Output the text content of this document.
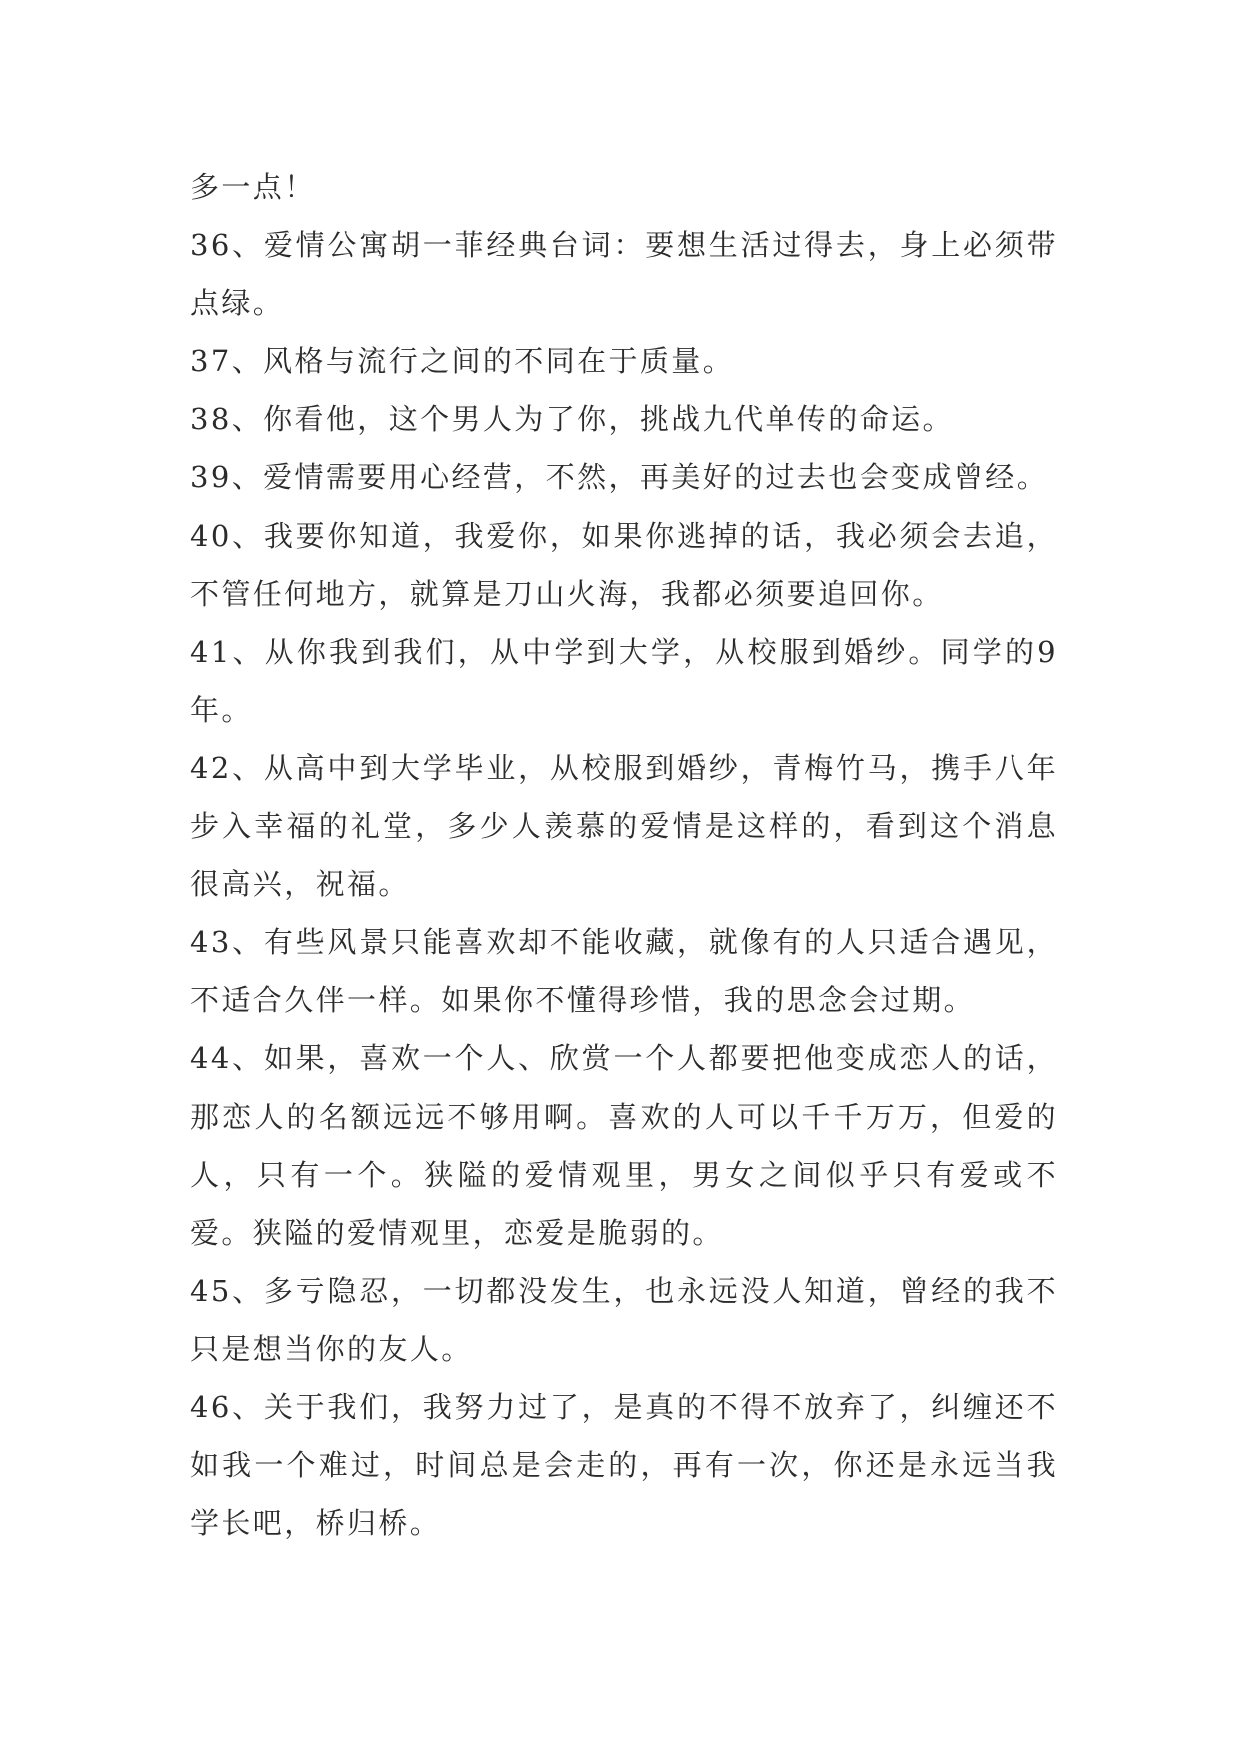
多一点！

36、爱情公寓胡一菲经典台词：要想生活过得去，身上必须带点绿。

37、风格与流行之间的不同在于质量。

38、你看他，这个男人为了你，挑战九代单传的命运。

39、爱情需要用心经营，不然，再美好的过去也会变成曾经。

40、我要你知道，我爱你，如果你逃掉的话，我必须会去追，不管任何地方，就算是刀山火海，我都必须要追回你。

41、从你我到我们，从中学到大学，从校服到婚纱。同学的9 年。

42、从高中到大学毕业，从校服到婚纱，青梅竹马，携手八年步入幸福的礼堂，多少人羡慕的爱情是这样的，看到这个消息很高兴，祝福。

43、有些风景只能喜欢却不能收藏，就像有的人只适合遇见，不适合久伴一样。如果你不懂得珍惜，我的思念会过期。

44、如果，喜欢一个人、欣赏一个人都要把他变成恋人的话，那恋人的名额远远不够用啊。喜欢的人可以千千万万，但爱的人，只有一个。狭隘的爱情观里，男女之间似乎只有爱或不爱。狭隘的爱情观里，恋爱是脆弱的。

45、多亏隐忍，一切都没发生，也永远没人知道，曾经的我不只是想当你的友人。

46、关于我们，我努力过了，是真的不得不放弃了，纠缠还不如我一个难过，时间总是会走的，再有一次，你还是永远当我学长吧，桥归桥。
